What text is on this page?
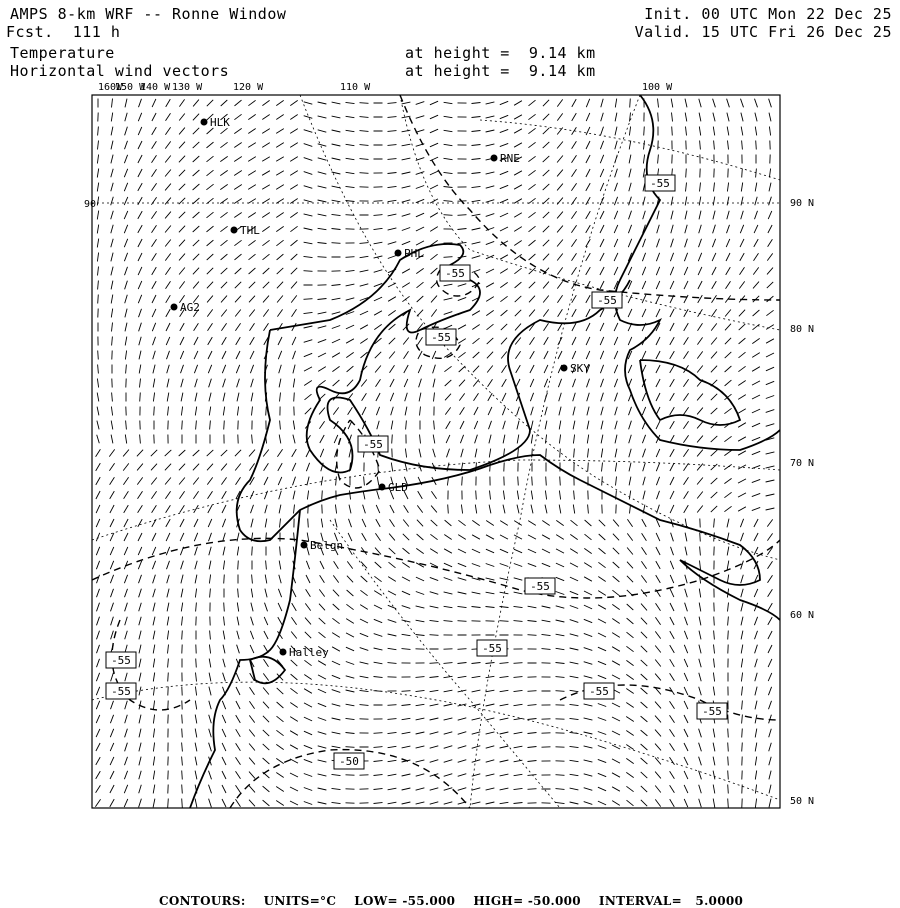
AMPS 8-km WRF -- Ronne Window
Fcst.  111 h
Temperature
Horizontal wind vectors
at height =  9.14 km
at height =  9.14 km
Init. 00 UTC Mon 22 Dec 25
Valid. 15 UTC Fri 26 Dec 25
HLK
RNE
THL
PHL
AG2
SKY
GLD
Belgn
Halley
-55
-55
-55
-55
-55
-55
-55
-55
-55	-55
-55
-50
160W
150 W
140 W 130 W	120 W	110 W	100 W
90 N
80 N
70 N
60 N
50 N
90

CONTOURS: UNITS=°C LOW= -55.000 HIGH= -50.000 INTERVAL=   5.0000
